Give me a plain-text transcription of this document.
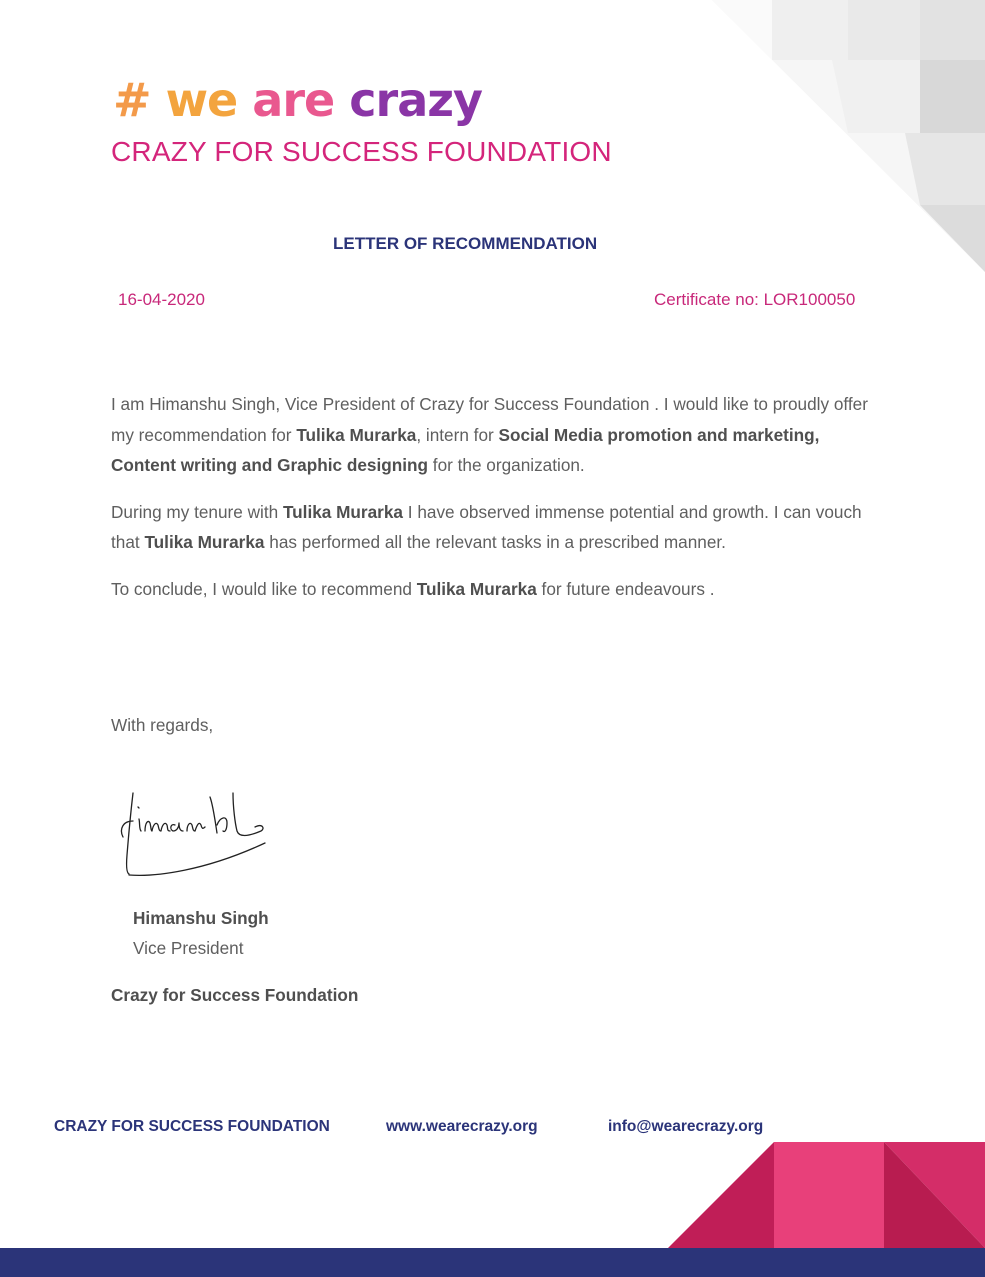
# we are crazy
CRAZY FOR SUCCESS FOUNDATION
LETTER OF RECOMMENDATION
16-04-2020	Certificate no: LOR100050

I am Himanshu Singh, Vice President of Crazy for Success Foundation . I would like to proudly offer my recommendation for Tulika Murarka, intern for Social Media promotion and marketing, Content writing and Graphic designing for the organization.

During my tenure with Tulika Murarka I have observed immense potential and growth. I can vouch that Tulika Murarka has performed all the relevant tasks in a prescribed manner.

To conclude, I would like to recommend Tulika Murarka for future endeavours .

With regards,
Himanshu Singh
Vice President
Crazy for Success Foundation
CRAZY FOR SUCCESS FOUNDATION	www.wearecrazy.org	info@wearecrazy.org
